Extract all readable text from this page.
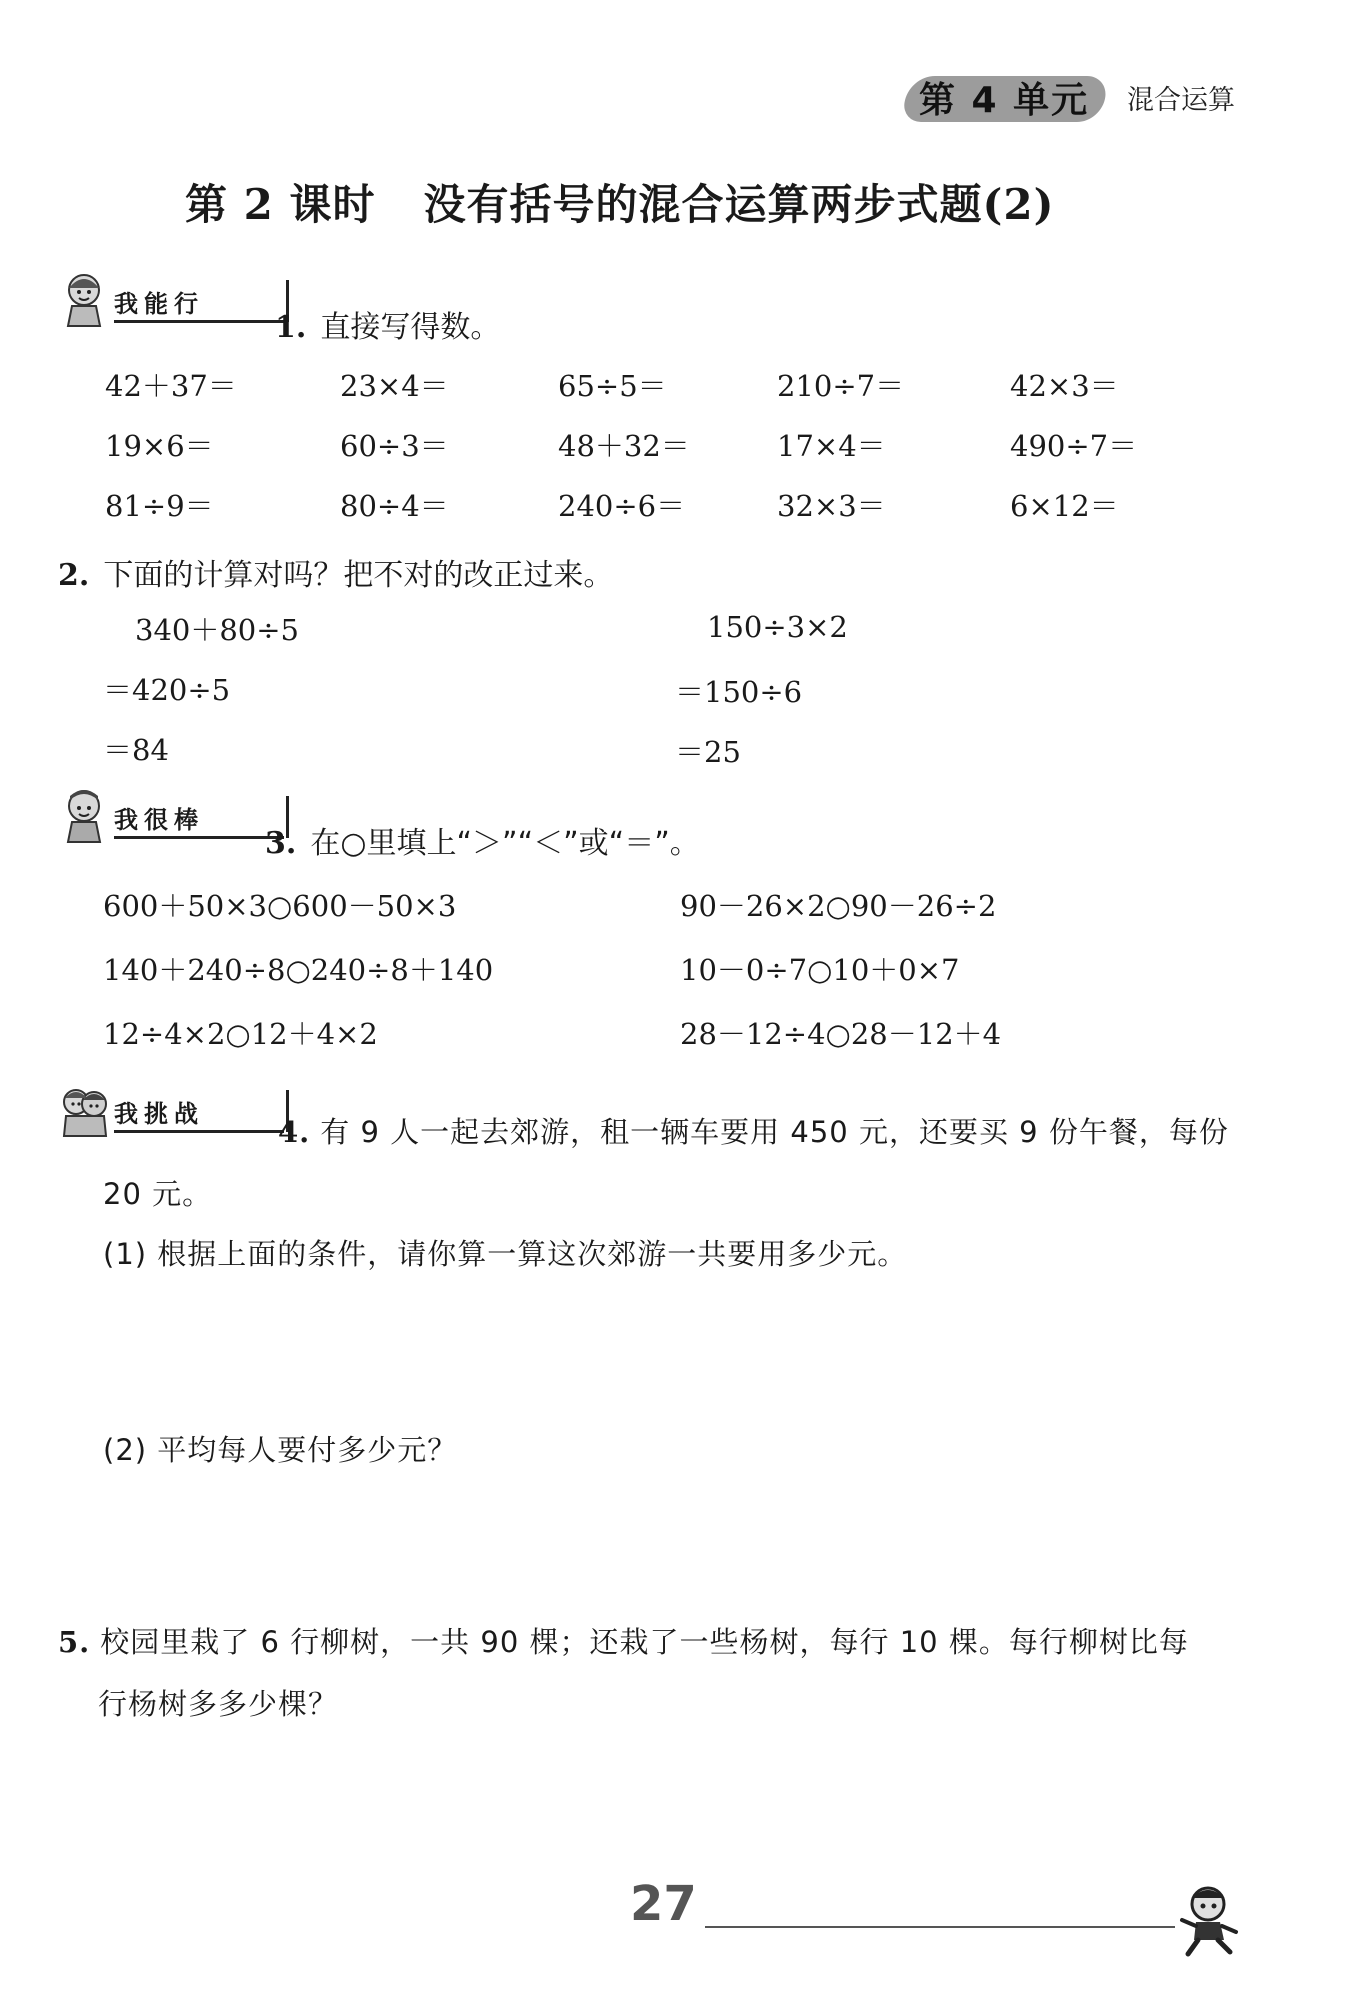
第 4 单元 混合运算
第 2 课时 没有括号的混合运算两步式题(2)
我能行
1. 直接写得数。
42＋37＝	23×4＝	65÷5＝	210÷7＝	42×3＝
19×6＝	60÷3＝	48＋32＝	17×4＝	490÷7＝
81÷9＝	80÷4＝	240÷6＝	32×3＝	6×12＝
2. 下面的计算对吗？把不对的改正过来。
340＋80÷5
＝420÷5
＝84
150÷3×2
＝150÷6
＝25
我很棒
3. 在○里填上“＞”“＜”或“＝”。
600＋50×3○600－50×3	90－26×2○90－26÷2
140＋240÷8○240÷8＋140	10－0÷7○10＋0×7
12÷4×2○12＋4×2	28－12÷4○28－12＋4
我挑战
4. 有 9 人一起去郊游，租一辆车要用 450 元，还要买 9 份午餐，每份
20 元。
(1) 根据上面的条件，请你算一算这次郊游一共要用多少元。
(2) 平均每人要付多少元？
5. 校园里栽了 6 行柳树，一共 90 棵；还栽了一些杨树，每行 10 棵。每行柳树比每
行杨树多多少棵？
27
